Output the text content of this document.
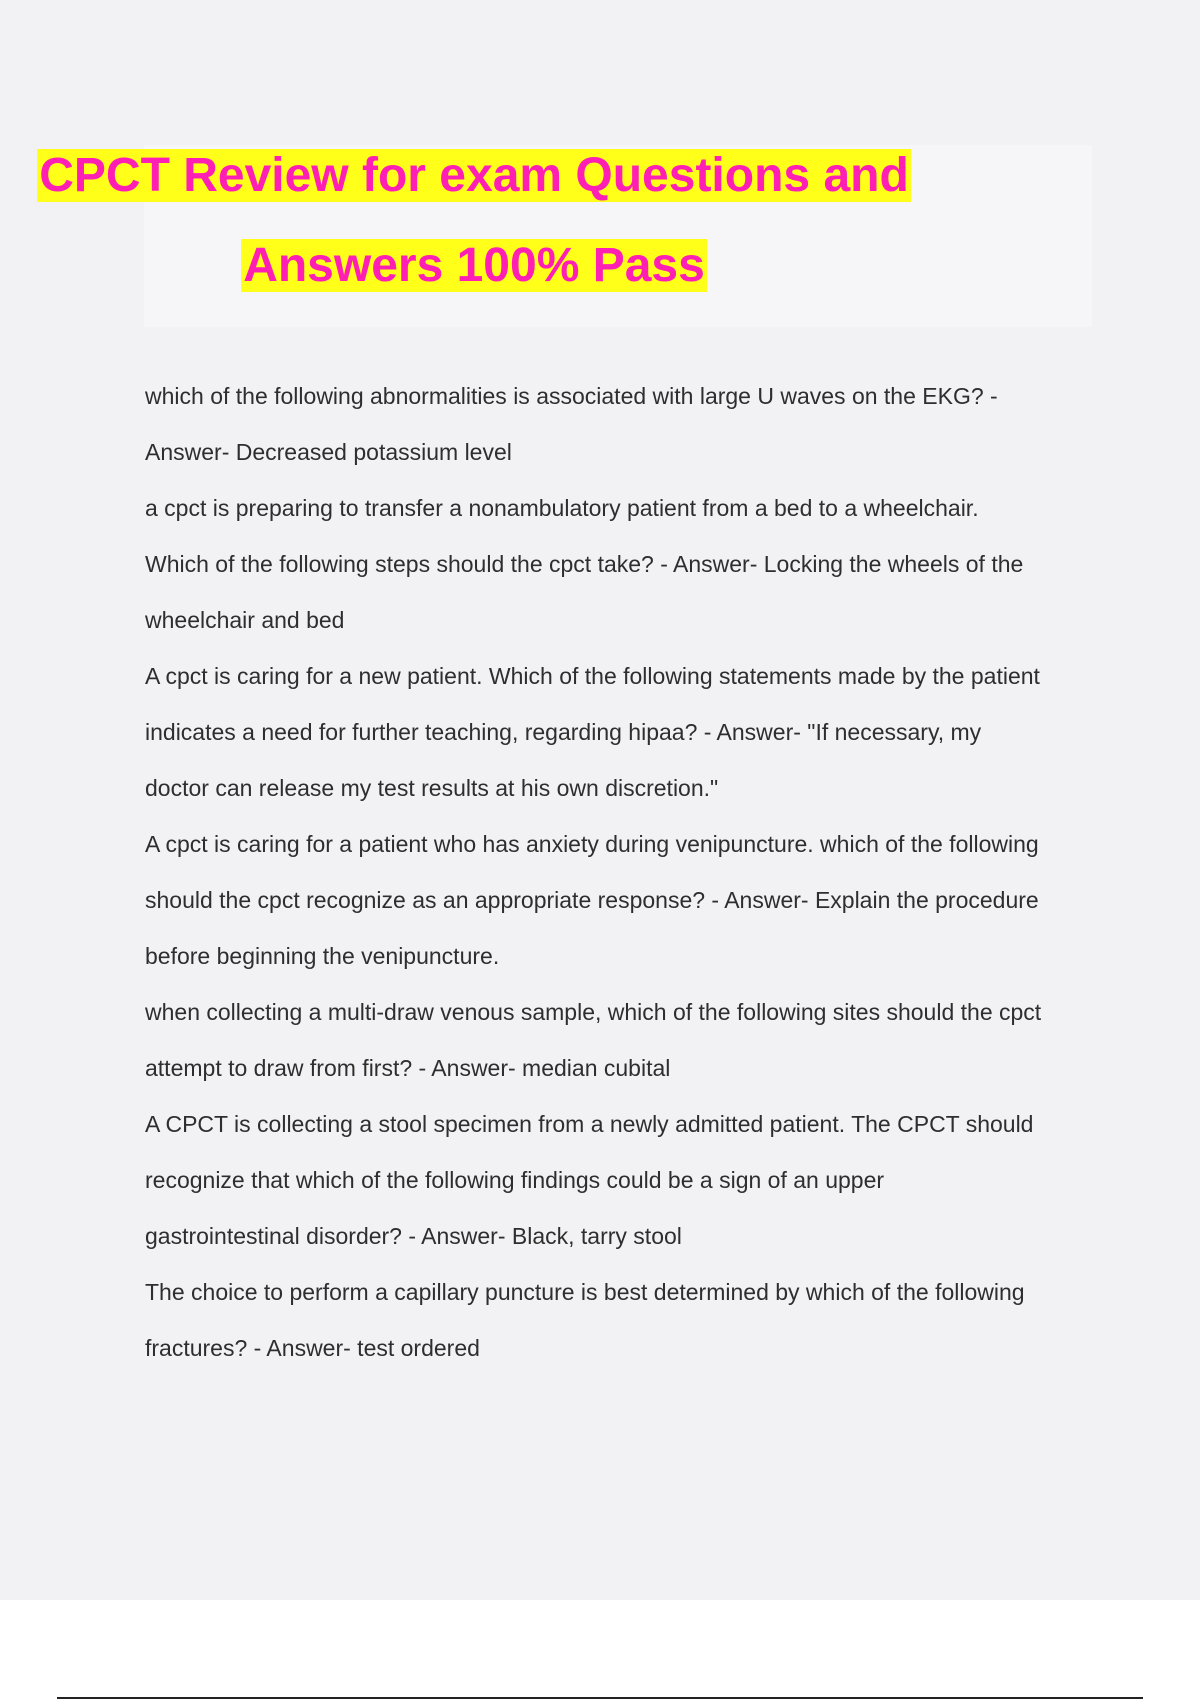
CPCT Review for exam Questions and
Answers 100% Pass
which of the following abnormalities is associated with large U waves on the EKG? -
Answer- Decreased potassium level
a cpct is preparing to transfer a nonambulatory patient from a bed to a wheelchair.
Which of the following steps should the cpct take? - Answer- Locking the wheels of the
wheelchair and bed
A cpct is caring for a new patient. Which of the following statements made by the patient
indicates a need for further teaching, regarding hipaa? - Answer- "If necessary, my
doctor can release my test results at his own discretion."
A cpct is caring for a patient who has anxiety during venipuncture. which of the following
should the cpct recognize as an appropriate response? - Answer- Explain the procedure
before beginning the venipuncture.
when collecting a multi-draw venous sample, which of the following sites should the cpct
attempt to draw from first? - Answer- median cubital
A CPCT is collecting a stool specimen from a newly admitted patient. The CPCT should
recognize that which of the following findings could be a sign of an upper
gastrointestinal disorder? - Answer- Black, tarry stool
The choice to perform a capillary puncture is best determined by which of the following
fractures? - Answer- test ordered
